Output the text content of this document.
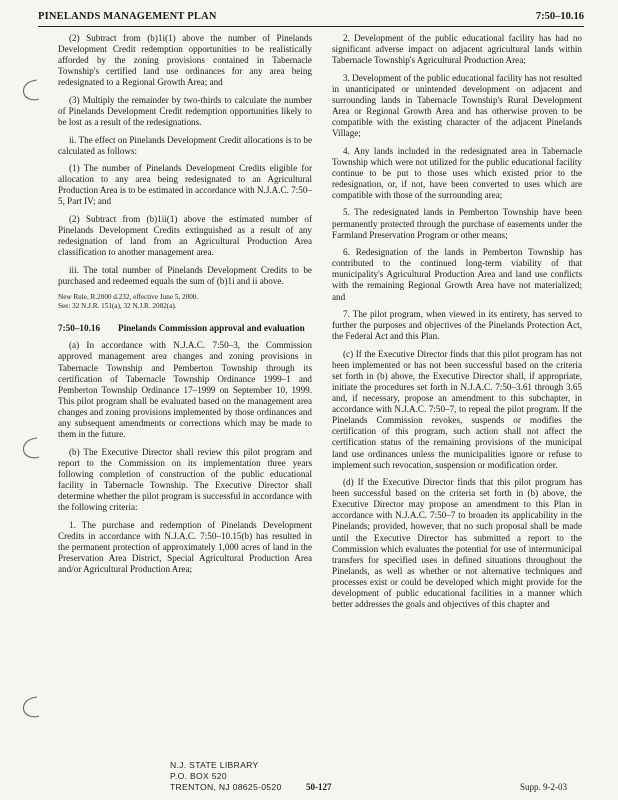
PINELANDS MANAGEMENT PLAN	7:50–10.16

(2) Subtract from (b)1i(1) above the number of Pinelands Development Credit redemption opportunities to be realistically afforded by the zoning provisions contained in Tabernacle Township's certified land use ordinances for any area being redesignated to a Regional Growth Area; and

(3) Multiply the remainder by two-thirds to calculate the number of Pinelands Development Credit redemption opportunities likely to be lost as a result of the redesignations.

ii. The effect on Pinelands Development Credit allocations is to be calculated as follows:

(1) The number of Pinelands Development Credits eligible for allocation to any area being redesignated to an Agricultural Production Area is to be estimated in accordance with N.J.A.C. 7:50–5, Part IV; and

(2) Subtract from (b)1ii(1) above the estimated number of Pinelands Development Credits extinguished as a result of any redesignation of land from an Agricultural Production Area classification to another management area.

iii. The total number of Pinelands Development Credits to be purchased and redeemed equals the sum of (b)1i and ii above.

New Rule, R.2000 d.232, effective June 5, 2000.
See: 32 N.J.R. 151(a), 32 N.J.R. 2082(a).

7:50–10.16 Pinelands Commission approval and evaluation

(a) In accordance with N.J.A.C. 7:50–3, the Commission approved management area changes and zoning provisions in Tabernacle Township and Pemberton Township through its certification of Tabernacle Township Ordinance 1999–1 and Pemberton Township Ordinance 17–1999 on September 10, 1999. This pilot program shall be evaluated based on the management area changes and zoning provisions implemented by those ordinances and any subsequent amendments or corrections which may be made to them in the future.

(b) The Executive Director shall review this pilot program and report to the Commission on its implementation three years following completion of construction of the public educational facility in Tabernacle Township. The Executive Director shall determine whether the pilot program is successful in accordance with the following criteria:

1. The purchase and redemption of Pinelands Development Credits in accordance with N.J.A.C. 7:50–10.15(b) has resulted in the permanent protection of approximately 1,000 acres of land in the Preservation Area District, Special Agricultural Production Area and/or Agricultural Production Area;

2. Development of the public educational facility has had no significant adverse impact on adjacent agricultural lands within Tabernacle Township's Agricultural Production Area;

3. Development of the public educational facility has not resulted in unanticipated or unintended development on adjacent and surrounding lands in Tabernacle Township's Rural Development Area or Regional Growth Area and has otherwise proven to be compatible with the existing character of the adjacent Pinelands Village;

4. Any lands included in the redesignated area in Tabernacle Township which were not utilized for the public educational facility continue to be put to those uses which existed prior to the redesignation, or, if not, have been converted to uses which are compatible with those of the surrounding area;

5. The redesignated lands in Pemberton Township have been permanently protected through the purchase of easements under the Farmland Preservation Program or other means;

6. Redesignation of the lands in Pemberton Township has contributed to the continued long-term viability of that municipality's Agricultural Production Area and land use conflicts with the remaining Regional Growth Area have not materialized; and

7. The pilot program, when viewed in its entirety, has served to further the purposes and objectives of the Pinelands Protection Act, the Federal Act and this Plan.

(c) If the Executive Director finds that this pilot program has not been implemented or has not been successful based on the criteria set forth in (b) above, the Executive Director shall, if appropriate, initiate the procedures set forth in N.J.A.C. 7:50–3.61 through 3.65 and, if necessary, propose an amendment to this subchapter, in accordance with N.J.A.C. 7:50–7, to repeal the pilot program. If the Pinelands Commission revokes, suspends or modifies the certification of this program, such action shall not affect the certification status of the remaining provisions of the municipal land use ordinances unless the municipalities ignore or refuse to implement such revocation, suspension or modification order.

(d) If the Executive Director finds that this pilot program has been successful based on the criteria set forth in (b) above, the Executive Director may propose an amendment to this Plan in accordance with N.J.A.C. 7:50–7 to broaden its applicability in the Pinelands; provided, however, that no such proposal shall be made until the Executive Director has submitted a report to the Commission which evaluates the potential for use of intermunicipal transfers for specified uses in defined situations throughout the Pinelands, as well as whether or not alternative techniques and processes exist or could be developed which might provide for the development of public educational facilities in a manner which better addresses the goals and objectives of this chapter and

N.J. STATE LIBRARY
P.O. BOX 520
TRENTON, NJ 08625-0520	50-127	Supp. 9-2-03
